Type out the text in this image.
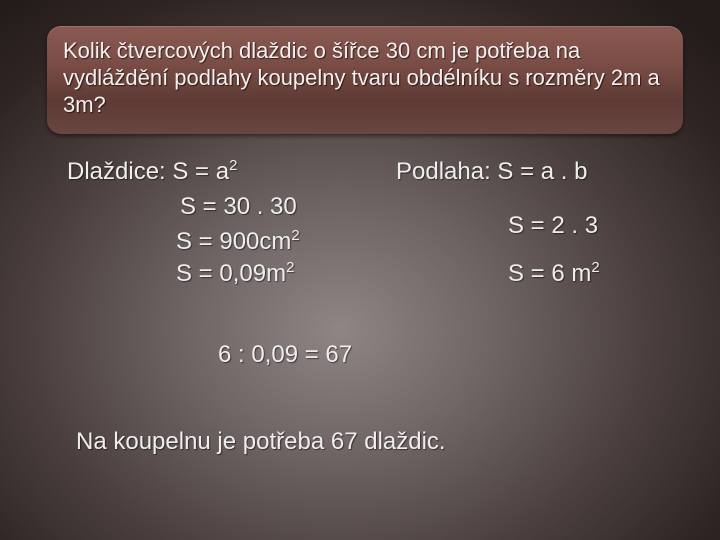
Kolik čtvercových dlaždic o šířce 30 cm je potřeba na vydláždění podlahy koupelny tvaru obdélníku s rozměry 2m a 3m?

Dlaždice: $S = a^2$
S = 30 . 30
$S = 900cm^2$
$S = 0,09m^2$
Podlaha: S = a . b
S = 2 . 3
S = 6 $m^2$
6 : 0,09 = 67
Na koupelnu je potřeba 67 dlaždic.
